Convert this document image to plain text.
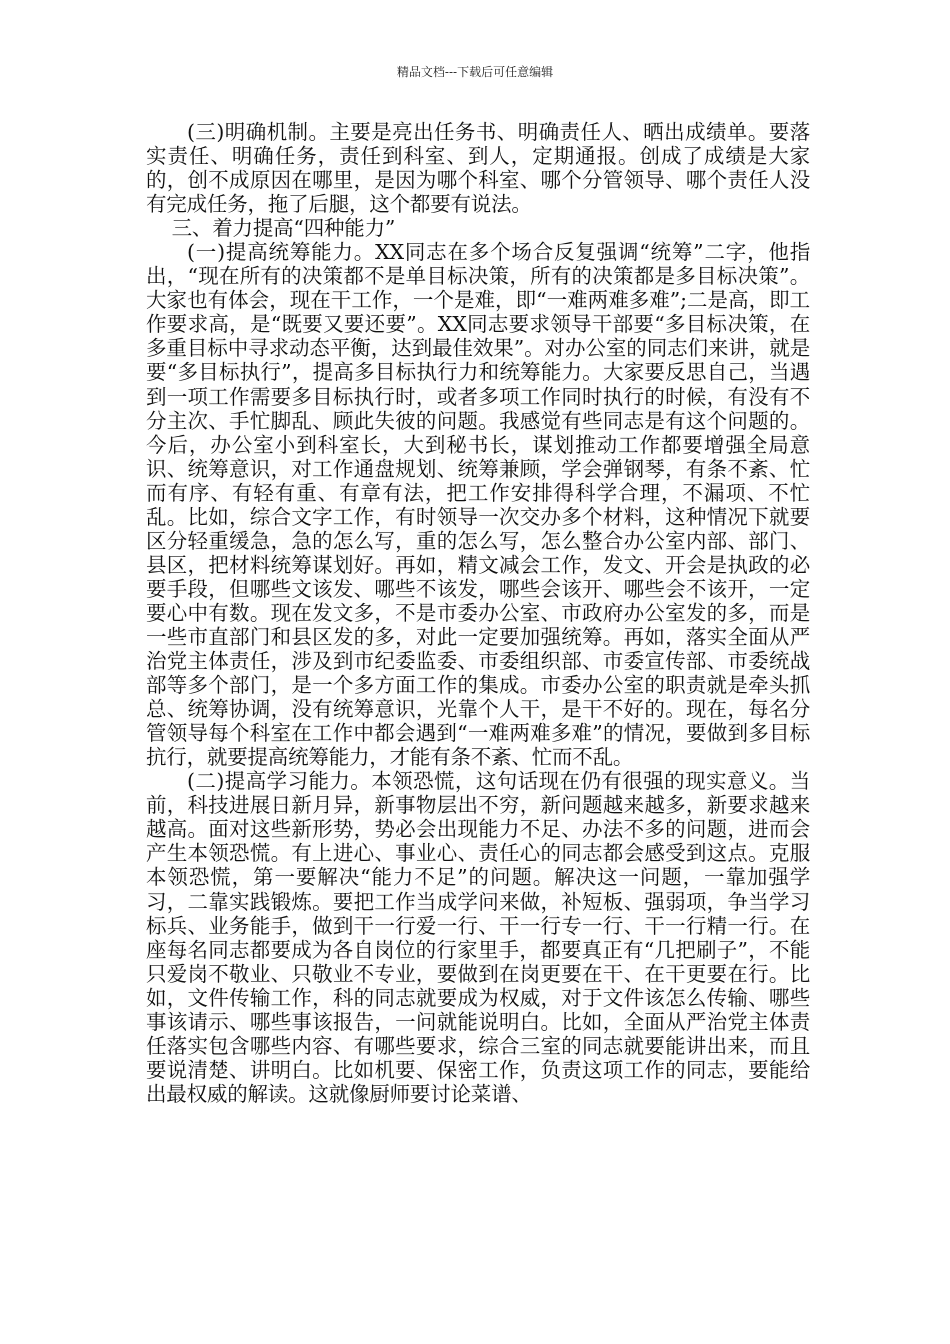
精品文档---下载后可任意编辑

(三)明确机制。主要是亮出任务书、明确责任人、晒出成绩单。要落实责任、明确任务，责任到科室、到人，定期通报。创成了成绩是大家的，创不成原因在哪里，是因为哪个科室、哪个分管领导、哪个责任人没有完成任务，拖了后腿，这个都要有说法。

三、着力提高“四种能力”

(一)提高统筹能力。XX同志在多个场合反复强调“统筹”二字，他指出，“现在所有的决策都不是单目标决策，所有的决策都是多目标决策”。大家也有体会，现在干工作，一个是难，即“一难两难多难”;二是高，即工作要求高，是“既要又要还要”。XX同志要求领导干部要“多目标决策，在多重目标中寻求动态平衡，达到最佳效果”。对办公室的同志们来讲，就是要“多目标执行”，提高多目标执行力和统筹能力。大家要反思自己，当遇到一项工作需要多目标执行时，或者多项工作同时执行的时候，有没有不分主次、手忙脚乱、顾此失彼的问题。我感觉有些同志是有这个问题的。今后，办公室小到科室长，大到秘书长，谋划推动工作都要增强全局意识、统筹意识，对工作通盘规划、统筹兼顾，学会弹钢琴，有条不紊、忙而有序、有轻有重、有章有法，把工作安排得科学合理，不漏项、不忙乱。比如，综合文字工作，有时领导一次交办多个材料，这种情况下就要区分轻重缓急，急的怎么写，重的怎么写，怎么整合办公室内部、部门、县区，把材料统筹谋划好。再如，精文减会工作，发文、开会是执政的必要手段，但哪些文该发、哪些不该发，哪些会该开、哪些会不该开，一定要心中有数。现在发文多，不是市委办公室、市政府办公室发的多，而是一些市直部门和县区发的多，对此一定要加强统筹。再如，落实全面从严治党主体责任，涉及到市纪委监委、市委组织部、市委宣传部、市委统战部等多个部门，是一个多方面工作的集成。市委办公室的职责就是牵头抓总、统筹协调，没有统筹意识，光靠个人干，是干不好的。现在，每名分管领导每个科室在工作中都会遇到“一难两难多难”的情况，要做到多目标抗行，就要提高统筹能力，才能有条不紊、忙而不乱。

(二)提高学习能力。本领恐慌，这句话现在仍有很强的现实意义。当前，科技进展日新月异，新事物层出不穷，新问题越来越多，新要求越来越高。面对这些新形势，势必会出现能力不足、办法不多的问题，进而会产生本领恐慌。有上进心、事业心、责任心的同志都会感受到这点。克服本领恐慌，第一要解决“能力不足”的问题。解决这一问题，一靠加强学习，二靠实践锻炼。要把工作当成学问来做，补短板、强弱项，争当学习标兵、业务能手，做到干一行爱一行、干一行专一行、干一行精一行。在座每名同志都要成为各自岗位的行家里手，都要真正有“几把刷子”，不能只爱岗不敬业、只敬业不专业，要做到在岗更要在干、在干更要在行。比如，文件传输工作，科的同志就要成为权威，对于文件该怎么传输、哪些事该请示、哪些事该报告，一问就能说明白。比如，全面从严治党主体责任落实包含哪些内容、有哪些要求，综合三室的同志就要能讲出来，而且要说清楚、讲明白。比如机要、保密工作，负责这项工作的同志，要能给出最权威的解读。这就像厨师要讨论菜谱、
